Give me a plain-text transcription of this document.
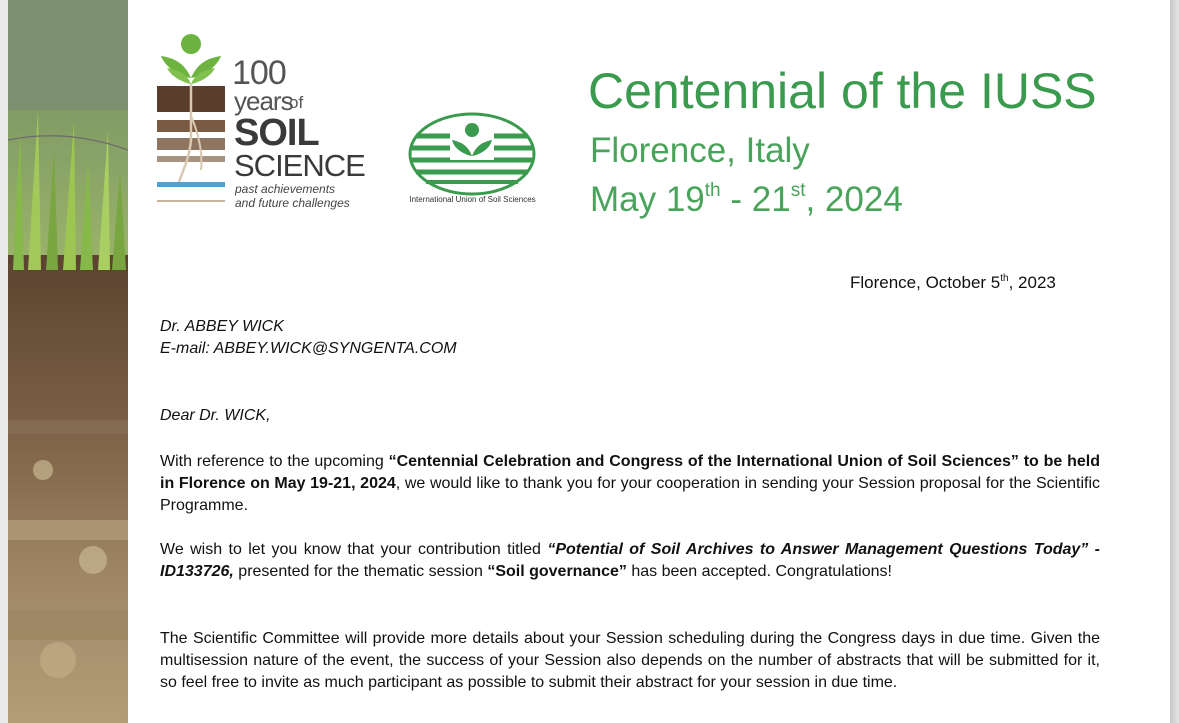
100
years
of
SOIL
SCIENCE
past achievements
and future challenges	International Union of Soil Sciences
Centennial of the IUSS
Florence, Italy
May 19th - 21st, 2024
Florence, October 5th, 2023
Dr. ABBEY WICK
E-mail: ABBEY.WICK@SYNGENTA.COM
Dear Dr. WICK,
With reference to the upcoming “Centennial Celebration and Congress of the International Union of Soil Sciences” to be held in Florence on May 19-21, 2024, we would like to thank you for your cooperation in sending your Session proposal for the Scientific Programme.
We wish to let you know that your contribution titled “Potential of Soil Archives to Answer Management Questions Today” - ID133726, presented for the thematic session “Soil governance” has been accepted. Congratulations!
The Scientific Committee will provide more details about your Session scheduling during the Congress days in due time. Given the multisession nature of the event, the success of your Session also depends on the number of abstracts that will be submitted for it, so feel free to invite as much participant as possible to submit their abstract for your session in due time.
